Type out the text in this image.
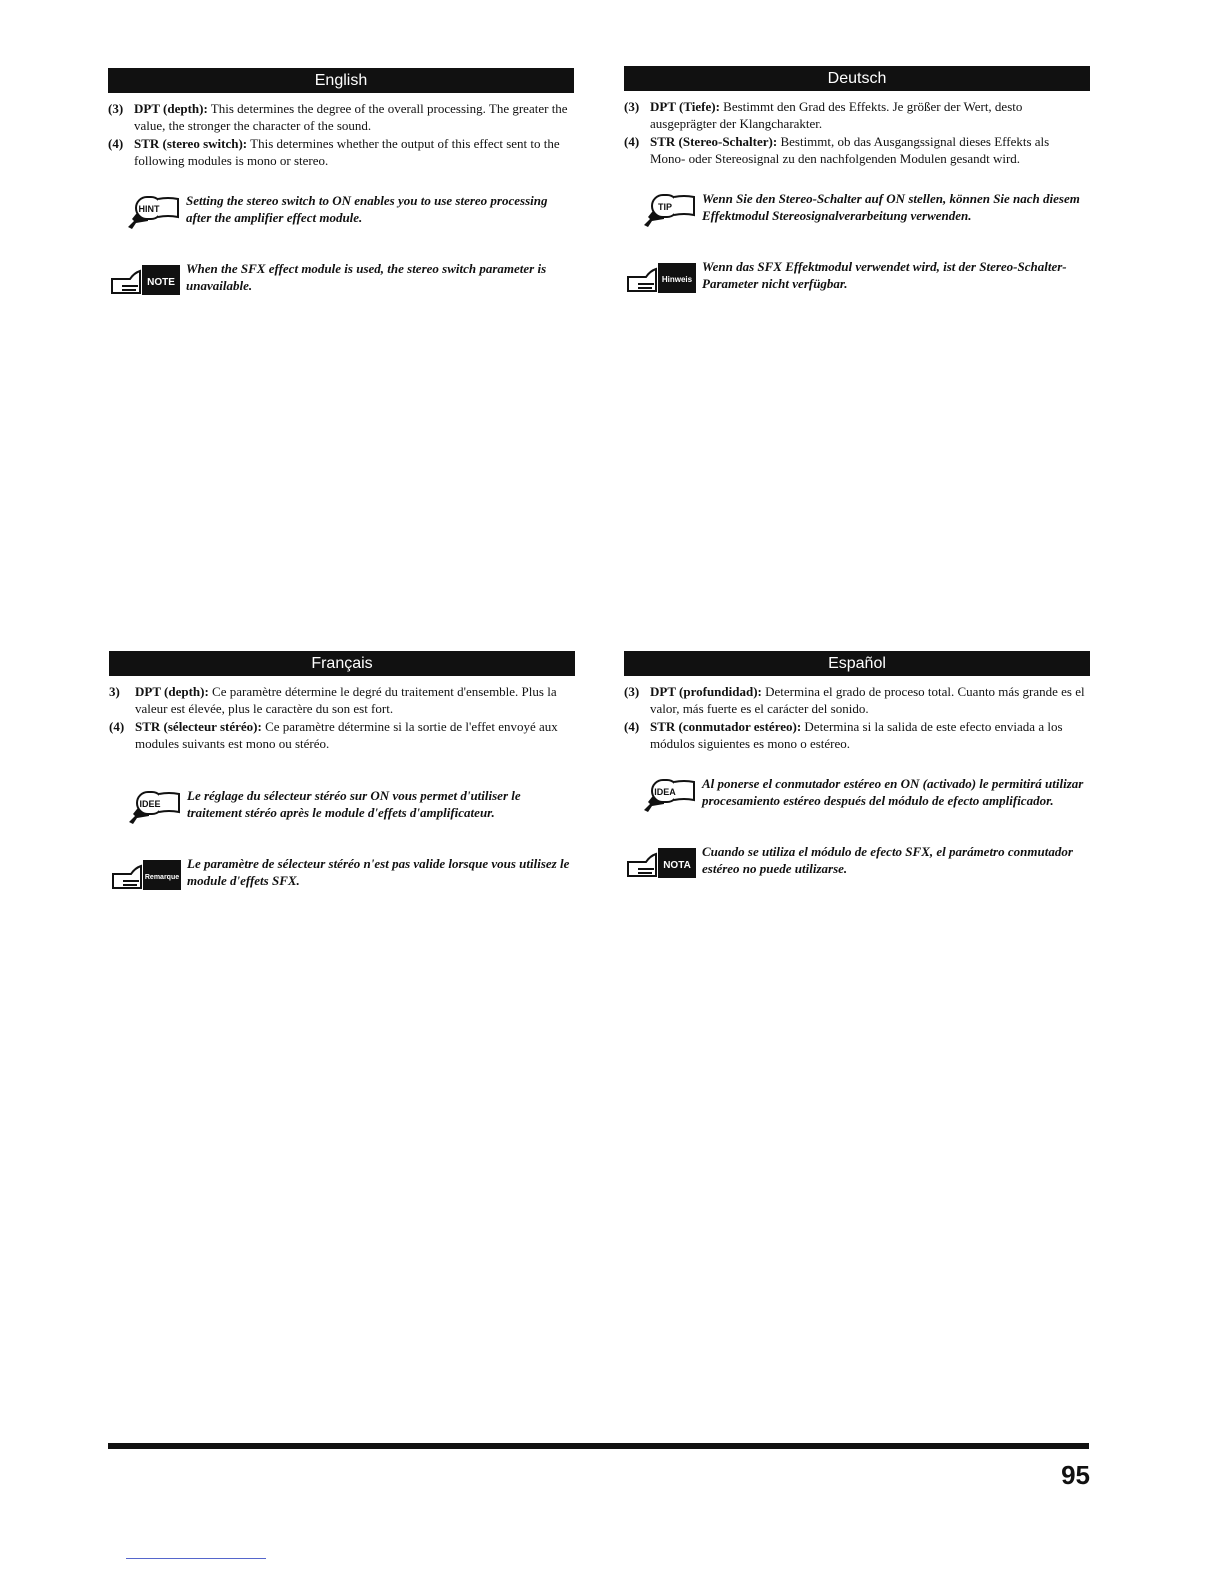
English
(3) DPT (depth): This determines the degree of the overall processing. The greater the value, the stronger the character of the sound.
(4) STR (stereo switch): This determines whether the output of this effect sent to the following modules is mono or stereo.
HINT
Setting the stereo switch to ON enables you to use stereo processing after the amplifier effect module.
NOTE
When the SFX effect module is used, the stereo switch parameter is unavailable.
Deutsch
(3) DPT (Tiefe): Bestimmt den Grad des Effekts. Je größer der Wert, desto ausgeprägter der Klangcharakter.
(4) STR (Stereo-Schalter): Bestimmt, ob das Ausgangssignal dieses Effekts als Mono- oder Stereosignal zu den nachfolgenden Modulen gesandt wird.
TIP
Wenn Sie den Stereo-Schalter auf ON stellen, können Sie nach diesem Effektmodul Stereosignalverarbeitung verwenden.
Hinweis
Wenn das SFX Effektmodul verwendet wird, ist der Stereo-Schalter-Parameter nicht verfügbar.
Français
3)	DPT (depth): Ce paramètre détermine le degré du traitement d'ensemble. Plus la valeur est élevée, plus le caractère du son est fort.
(4) STR (sélecteur stéréo): Ce paramètre détermine si la sortie de l'effet envoyé aux modules suivants est mono ou stéréo.
IDEE
Le réglage du sélecteur stéréo sur ON vous permet d'utiliser le traitement stéréo après le module d'effets d'amplificateur.
Remarque
Le paramètre de sélecteur stéréo n'est pas valide lorsque vous utilisez le module d'effets SFX.
Español
(3) DPT (profundidad): Determina el grado de proceso total. Cuanto más grande es el valor, más fuerte es el carácter del sonido.
(4) STR (conmutador estéreo): Determina si la salida de este efecto enviada a los módulos siguientes es mono o estéreo.
IDEA
Al ponerse el conmutador estéreo en ON (activado) le permitirá utilizar procesamiento estéreo después del módulo de efecto amplificador.
NOTA
Cuando se utiliza el módulo de efecto SFX, el parámetro conmutador estéreo no puede utilizarse.
95
